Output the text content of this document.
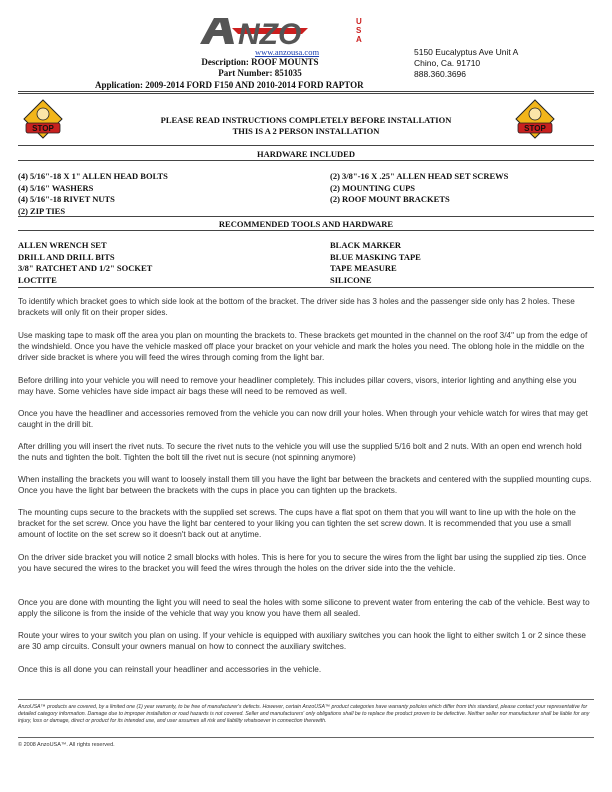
NZO	U
S
A
www.anzousa.com
Description: ROOF MOUNTS
Part Number: 851035
Application: 2009-2014 FORD F150 AND 2010-2014 FORD RAPTOR
5150 Eucalyptus Ave Unit A
Chino, Ca. 91710
888.360.3696
STOP	STOP
PLEASE READ INSTRUCTIONS COMPLETELY BEFORE INSTALLATION
THIS IS A 2 PERSON INSTALLATION
HARDWARE INCLUDED
(4) 5/16"-18 X 1" ALLEN HEAD BOLTS
(4) 5/16" WASHERS
(4) 5/16"-18 RIVET NUTS
(2) ZIP TIES
(2) 3/8"-16 X .25" ALLEN HEAD SET SCREWS
(2) MOUNTING CUPS
(2) ROOF MOUNT BRACKETS
RECOMMENDED TOOLS AND HARDWARE
ALLEN WRENCH SET
DRILL AND DRILL BITS
3/8" RATCHET AND 1/2" SOCKET
LOCTITE
BLACK MARKER
BLUE MASKING TAPE
TAPE MEASURE
SILICONE
To identify which bracket goes to which side look at the bottom of the bracket. The driver side has 3 holes and the passenger side only has 2 holes. These brackets will only fit on their proper sides.
Use masking tape to mask off the area you plan on mounting the brackets to. These brackets get mounted in the channel on the roof 3/4" up from the edge of the windshield. Once you have the vehicle masked off place your bracket on your vehicle and mark the holes you need. The oblong hole in the middle on the driver side bracket is where you will feed the wires through coming from the light bar.
Before drilling into your vehicle you will need to remove your headliner completely. This includes pillar covers, visors, interior lighting and anything else you may have. Some vehicles have side impact air bags these will need to be removed as well.
Once you have the headliner and accessories removed from the vehicle you can now drill your holes. When through your vehicle watch for wires that may get caught in the drill bit.
After drilling you will insert the rivet nuts. To secure the rivet nuts to the vehicle you will use the supplied 5/16 bolt and 2 nuts. With an open end wrench hold the nuts and tighten the bolt. Tighten the bolt till the rivet nut is secure (not spinning anymore)
When installing the brackets you will want to loosely install them till you have the light bar between the brackets and centered with the supplied mounting cups. Once you have the light bar between the brackets with the cups in place you can tighten up the brackets.
The mounting cups secure to the brackets with the supplied set screws. The cups have a flat spot on them that you will want to line up with the hole on the bracket for the set screw. Once you have the light bar centered to your liking you can tighten the set screw down. It is recommended that you use a small amount of loctite on the set screw so it doesn't back out at anytime.
On the driver side bracket you will notice 2 small blocks with holes. This is here for you to secure the wires from the light bar using the supplied zip ties. Once you have secured the wires to the bracket you will feed the wires through the holes on the driver side into the the vehicle.
Once you are done with mounting the light you will need to seal the holes with some silicone to prevent water from entering the cab of the vehicle. Best way to apply the silicone is from the inside of the vehicle that way you know you have them all sealed.
Route your wires to your switch you plan on using. If your vehicle is equipped with auxiliary switches you can hook the light to either switch 1 or 2 since these are 30 amp circuits. Consult your owners manual on how to connect the auxiliary switches.
Once this is all done you can reinstall your headliner and accessories in the vehicle.
AnzoUSA™ products are covered, by a limited one (1) year warranty, to be free of manufacturer's defects. However, certain AnzoUSA™ product categories have warranty policies which differ from this standard, please contact your representative for detailed category information. Damage due to improper installation or road hazards is not covered. Seller and manufacturers' only obligations shall be to replace the product proven to be defective. Neither seller nor manufacturer shall be liable for any injury, loss or damage, direct or product for its intended use, and user assumes all risk and liability whatsoever in connection therewith.
© 2008 AnzoUSA™. All rights reserved.
